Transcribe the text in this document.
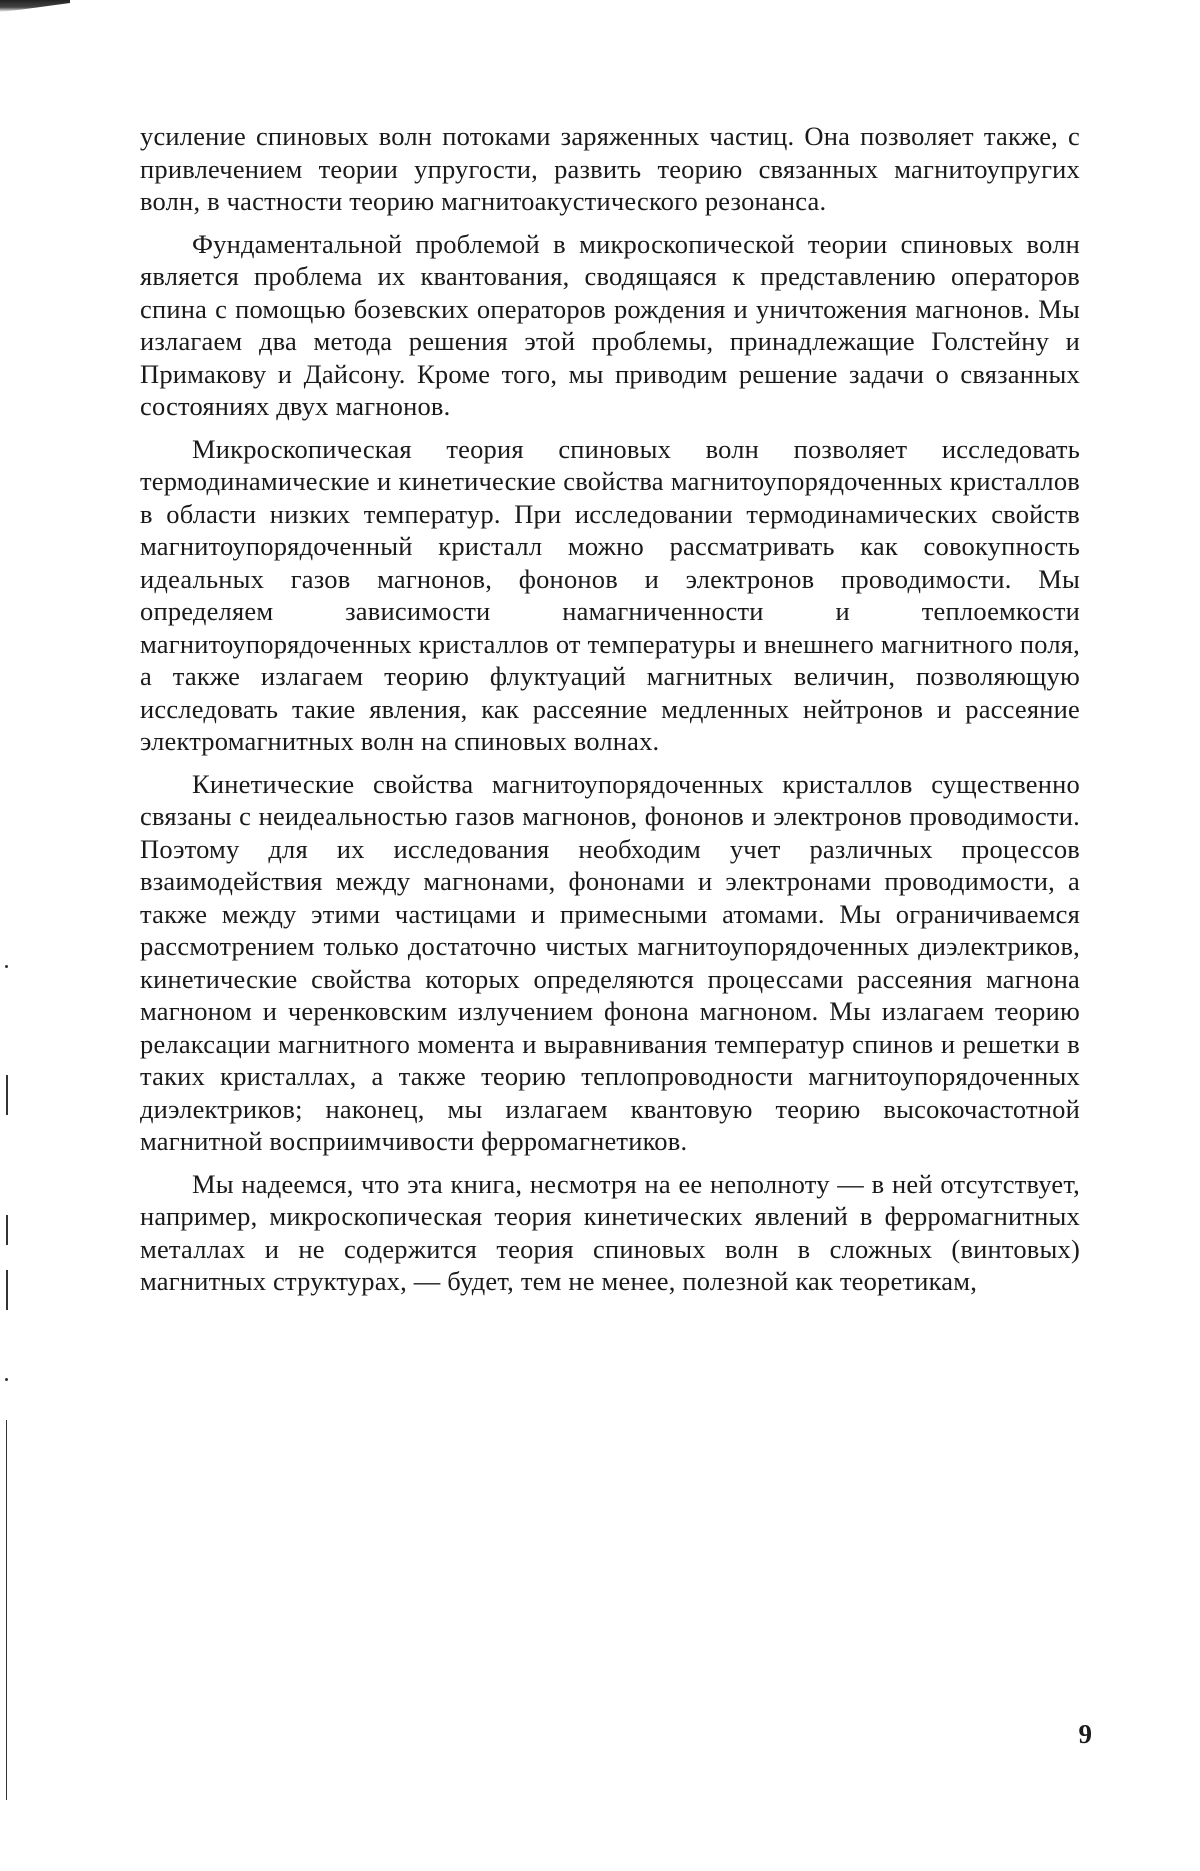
усиление спиновых волн потоками заряженных частиц. Она позволяет также, с привлечением теории упругости, развить теорию связанных магнитоупругих волн, в частности теорию магнитоакустического резонанса.

Фундаментальной проблемой в микроскопической теории спиновых волн является проблема их квантования, сводящаяся к представлению операторов спина с помощью бозевских операторов рождения и уничтожения магнонов. Мы излагаем два метода решения этой проблемы, принадлежащие Голстейну и Примакову и Дайсону. Кроме того, мы приводим решение задачи о связанных состояниях двух магнонов.

Микроскопическая теория спиновых волн позволяет исследовать термодинамические и кинетические свойства магнитоупорядоченных кристаллов в области низких температур. При исследовании термодинамических свойств магнитоупорядоченный кристалл можно рассматривать как совокупность идеальных газов магнонов, фононов и электронов проводимости. Мы определяем зависимости намагниченности и теплоемкости магнитоупорядоченных кристаллов от температуры и внешнего магнитного поля, а также излагаем теорию флуктуаций магнитных величин, позволяющую исследовать такие явления, как рассеяние медленных нейтронов и рассеяние электромагнитных волн на спиновых волнах.

Кинетические свойства магнитоупорядоченных кристаллов существенно связаны с неидеальностью газов магнонов, фононов и электронов проводимости. Поэтому для их исследования необходим учет различных процессов взаимодействия между магнонами, фононами и электронами проводимости, а также между этими частицами и примесными атомами. Мы ограничиваемся рассмотрением только достаточно чистых магнитоупорядоченных диэлектриков, кинетические свойства которых определяются процессами рассеяния магнона магноном и черенковским излучением фонона магноном. Мы излагаем теорию релаксации магнитного момента и выравнивания температур спинов и решетки в таких кристаллах, а также теорию теплопроводности магнитоупорядоченных диэлектриков; наконец, мы излагаем квантовую теорию высокочастотной магнитной восприимчивости ферромагнетиков.

Мы надеемся, что эта книга, несмотря на ее неполноту — в ней отсутствует, например, микроскопическая теория кинетических явлений в ферромагнитных металлах и не содержится теория спиновых волн в сложных (винтовых) магнитных структурах, — будет, тем не менее, полезной как теоретикам,

9
